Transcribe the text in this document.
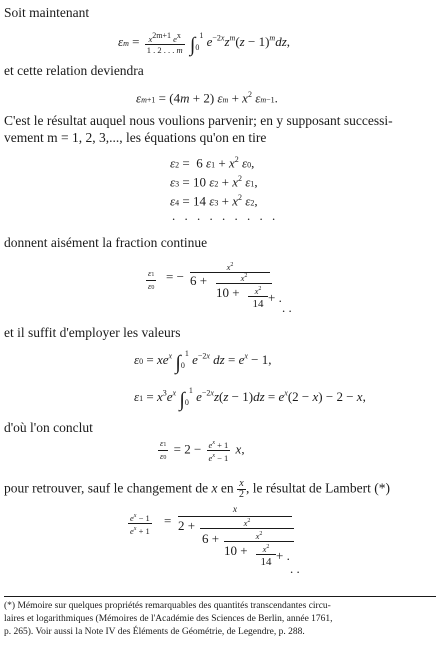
Soit maintenant
$\varepsilon m = \frac{x^{2m+1} e^x}{1 . 2 . . . m} \int_0^1$ $e^{-2x}z^m(z - 1)^mdz$,
et cette relation deviendra
εm+1 = (4m + 2) $\varepsilon m + x^2$ εm−1.
C'est le résultat auquel nous voulions parvenir; en y supposant successi-
vement m = 1, 2, 3,..., les équations qu'on en tire
ε2 =  6 $\varepsilon 1 + x^2$ ε0,
ε3 = 10 $\varepsilon 2 + x^2$ ε1,
ε4 = 14 $\varepsilon 3 + x^2$ ε2,
. . . . . . . . .
donnent aisément la fraction continue
$\frac{\varepsilon 1}{\varepsilon 0}$ = −
$x^2$
6 +	$x^2$
10 +	$x^2$
14 + .
. .
et il suffit d'employer les valeurs
$\varepsilon 0 = xe^x$ $\int_0^1$ $e^{-2x}$ dz = $e^x - 1$,
$\varepsilon 1 = x^3e^x$ $\int_0^1$ $e^{-2x}z(z - 1)dz = e^x(2 - x) - 2 - x$,
d'où l'on conclut
$\frac{\varepsilon 1}{\varepsilon 0} = 2 - \frac{e^x + 1}{e^x - 1} x$,
pour retrouver, sauf le changement de x en $\frac{x}{2}$ , le résultat de Lambert (*)
$\frac{e^x - 1}{e^x + 1}$ =
x
2 +	$x^2$
6 +	$x^2$
10 +	$x^2$
14 + .
. .
(*) Mémoire sur quelques propriétés remarquables des quantités transcendantes circu-
laires et logarithmiques (Mémoires de l'Académie des Sciences de Berlin, année 1761,
p. 265). Voir aussi la Note IV des Éléments de Géométrie, de Legendre, p. 288.
